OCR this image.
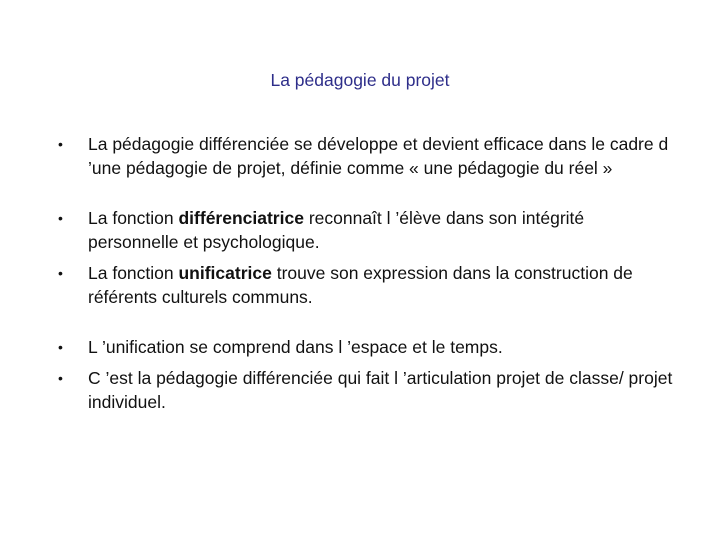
La pédagogie du projet
•	La pédagogie différenciée se développe et devient efficace dans le cadre d ’une pédagogie de projet, définie comme « une pédagogie du réel »
•	La fonction différenciatrice reconnaît l ’élève dans son intégrité personnelle et psychologique.
•	La fonction unificatrice trouve son expression dans la construction de référents culturels communs.
•	L ’unification se comprend dans l ’espace et le temps.
•	C ’est la pédagogie différenciée qui fait l ’articulation projet de classe/ projet individuel.
